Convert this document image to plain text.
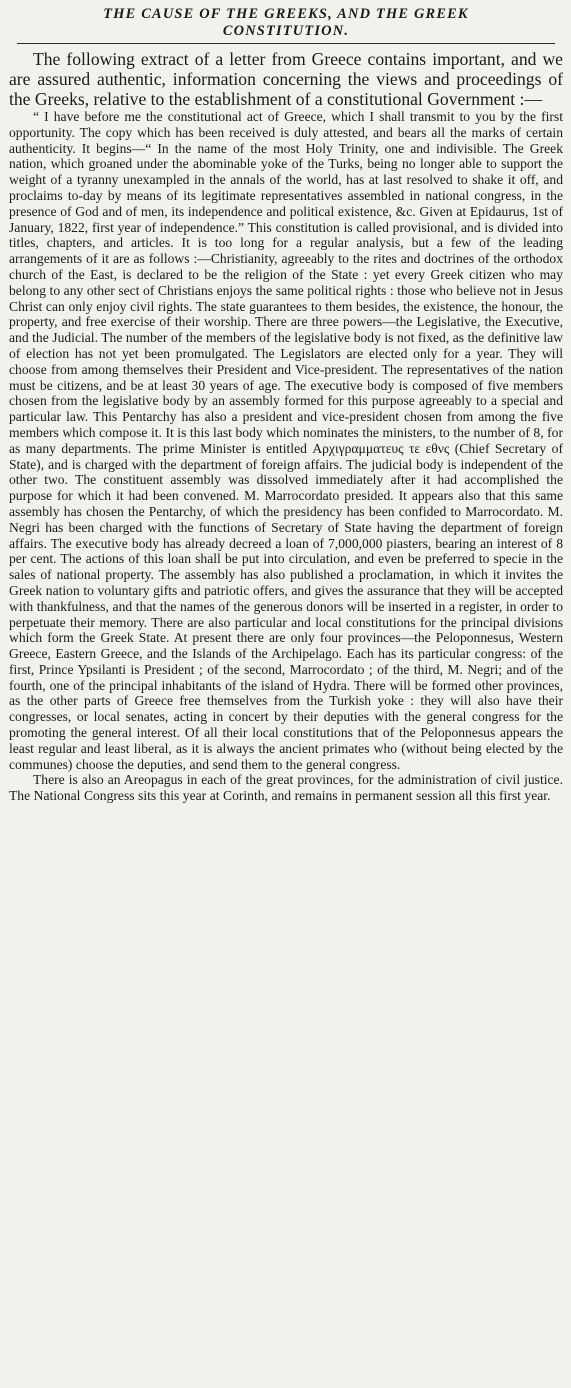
THE CAUSE OF THE GREEKS, AND THE GREEK
CONSTITUTION.

The following extract of a letter from Greece contains important, and we are assured authentic, information concerning the views and proceedings of the Greeks, relative to the establishment of a constitutional Government :—

“ I have before me the constitutional act of Greece, which I shall transmit to you by the first opportunity. The copy which has been received is duly attested, and bears all the marks of certain authenticity. It begins—“ In the name of the most Holy Trinity, one and indivisible. The Greek nation, which groaned under the abominable yoke of the Turks, being no longer able to support the weight of a tyranny unexampled in the annals of the world, has at last resolved to shake it off, and proclaims to-day by means of its legitimate representatives assembled in national congress, in the presence of God and of men, its independence and political existence, &c. Given at Epidaurus, 1st of January, 1822, first year of independence.” This constitution is called provisional, and is divided into titles, chapters, and articles. It is too long for a regular analysis, but a few of the leading arrangements of it are as follows :—Christianity, agreeably to the rites and doctrines of the orthodox church of the East, is declared to be the religion of the State : yet every Greek citizen who may belong to any other sect of Christians enjoys the same political rights : those who believe not in Jesus Christ can only enjoy civil rights. The state guarantees to them besides, the existence, the honour, the property, and free exercise of their worship. There are three powers—the Legislative, the Executive, and the Judicial. The number of the members of the legislative body is not fixed, as the definitive law of election has not yet been promulgated. The Legislators are elected only for a year. They will choose from among themselves their President and Vice-president. The representatives of the nation must be citizens, and be at least 30 years of age. The executive body is composed of five members chosen from the legislative body by an assembly formed for this purpose agreeably to a special and particular law. This Pentarchy has also a president and vice-president chosen from among the five members which compose it. It is this last body which nominates the ministers, to the number of 8, for as many departments. The prime Minister is entitled Αρχιγραμματευς τε εθνς (Chief Secretary of State), and is charged with the department of foreign affairs. The judicial body is independent of the other two. The constituent assembly was dissolved immediately after it had accomplished the purpose for which it had been convened. M. Marrocordato presided. It appears also that this same assembly has chosen the Pentarchy, of which the presidency has been confided to Marrocordato. M. Negri has been charged with the functions of Secretary of State having the department of foreign affairs. The executive body has already decreed a loan of 7,000,000 piasters, bearing an interest of 8 per cent. The actions of this loan shall be put into circulation, and even be preferred to specie in the sales of national property. The assembly has also published a proclamation, in which it invites the Greek nation to voluntary gifts and patriotic offers, and gives the assurance that they will be accepted with thankfulness, and that the names of the generous donors will be inserted in a register, in order to perpetuate their memory. There are also particular and local constitutions for the principal divisions which form the Greek State. At present there are only four provinces—the Peloponnesus, Western Greece, Eastern Greece, and the Islands of the Archipelago. Each has its particular congress: of the first, Prince Ypsilanti is President ; of the second, Marrocordato ; of the third, M. Negri; and of the fourth, one of the principal inhabitants of the island of Hydra. There will be formed other provinces, as the other parts of Greece free themselves from the Turkish yoke : they will also have their congresses, or local senates, acting in concert by their deputies with the general congress for the promoting the general interest. Of all their local constitutions that of the Peloponnesus appears the least regular and least liberal, as it is always the ancient primates who (without being elected by the communes) choose the deputies, and send them to the general congress.

There is also an Areopagus in each of the great provinces, for the administration of civil justice. The National Congress sits this year at Corinth, and remains in permanent session all this first year.
